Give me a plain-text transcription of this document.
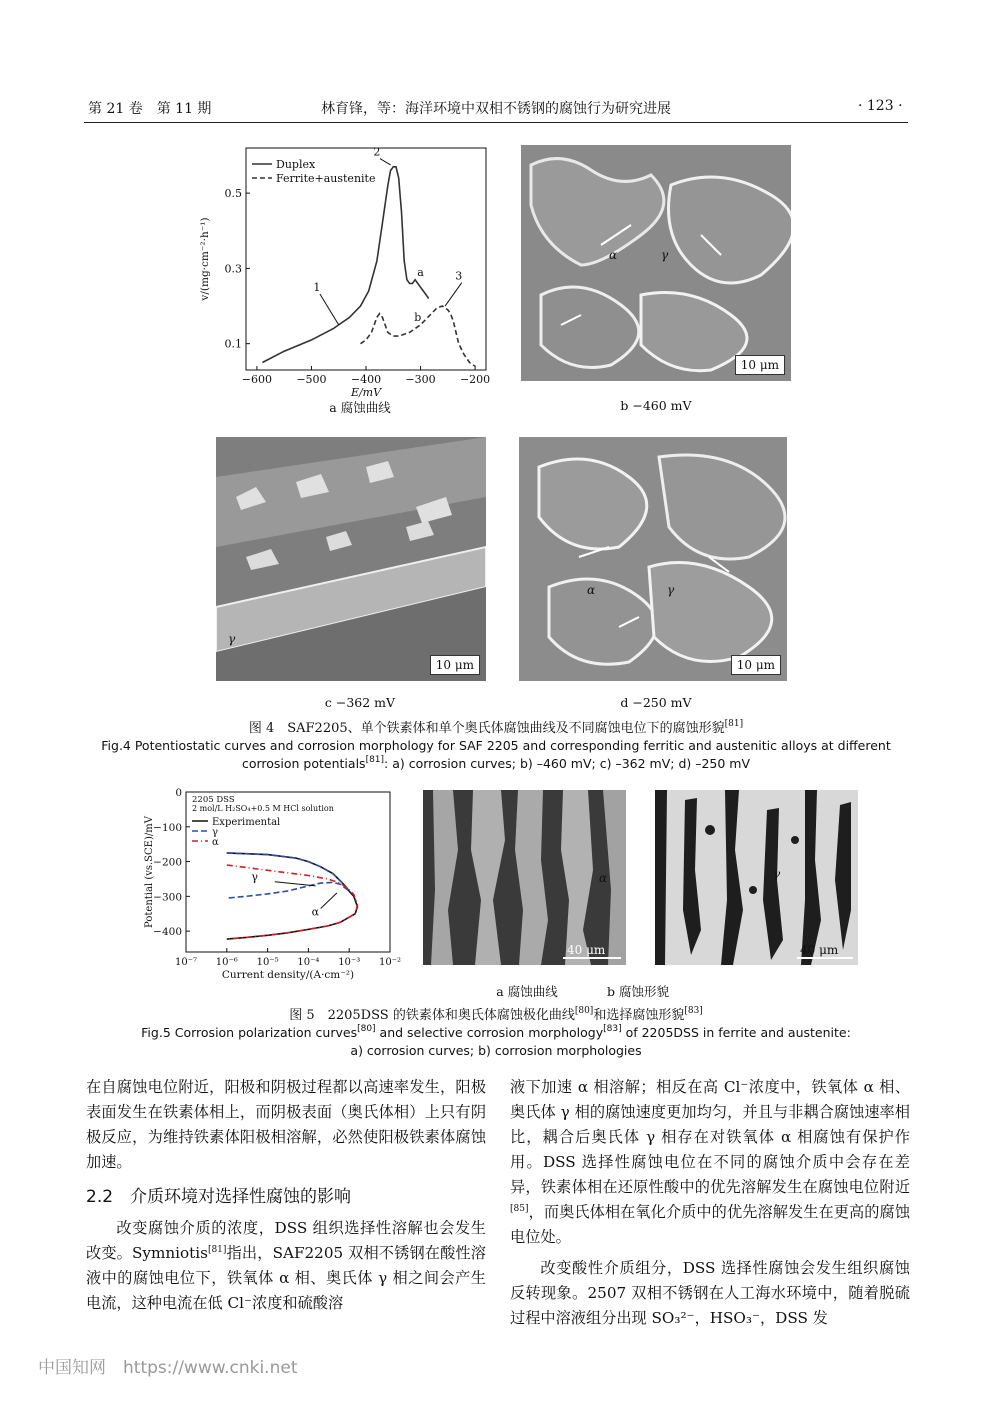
第 21 卷　第 11 期	林育锋，等：海洋环境中双相不锈钢的腐蚀行为研究进展	· 123 ·
−600 −500 −400 −300 −200
0.1
0.3
0.5
E/mV
v/(mg·cm⁻²·h⁻¹)
Duplex
Ferrite+austenite
1
2
3
a
b
a 腐蚀曲线
α	γ
10 μm
b −460 mV
γ
10 μm
c −362 mV
α	γ
10 μm
d −250 mV
图 4　SAF2205、单个铁素体和单个奥氏体腐蚀曲线及不同腐蚀电位下的腐蚀形貌[81]
Fig.4 Potentiostatic curves and corrosion morphology for SAF 2205 and corresponding ferritic and austenitic alloys at different
corrosion potentials[81]: a) corrosion curves; b) –460 mV; c) –362 mV; d) –250 mV
10⁻⁷ 10⁻⁶ 10⁻⁵ 10⁻⁴ 10⁻³ 10⁻²
0
−100
−200
−300
−400
Current density/(A·cm⁻²)
Potential (vs.SCE)/mV
2205 DSS
2 mol/L H₂SO₄+0.5 M HCl solution
Experimental
γ
α
γ
α
a 腐蚀曲线
α
40 μm
γ
40 μm
b 腐蚀形貌
图 5　2205DSS 的铁素体和奥氏体腐蚀极化曲线[80]和选择腐蚀形貌[83]
Fig.5 Corrosion polarization curves[80] and selective corrosion morphology[83] of 2205DSS in ferrite and austenite:
a) corrosion curves; b) corrosion morphologies

在自腐蚀电位附近，阳极和阴极过程都以高速率发生，阳极表面发生在铁素体相上，而阴极表面（奥氏体相）上只有阴极反应，为维持铁素体阳极相溶解，必然使阳极铁素体腐蚀加速。

2.2　 介质环境对选择性腐蚀的影响

改变腐蚀介质的浓度，DSS 组织选择性溶解也会发生改变。Symniotis[81]指出，SAF2205 双相不锈钢在酸性溶液中的腐蚀电位下，铁氧体 α 相、奥氏体 γ 相之间会产生电流，这种电流在低 Cl⁻浓度和硫酸溶

液下加速 α 相溶解；相反在高 Cl⁻浓度中，铁氧体 α 相、奥氏体 γ 相的腐蚀速度更加均匀，并且与非耦合腐蚀速率相比，耦合后奥氏体 γ 相存在对铁氧体 α 相腐蚀有保护作用。DSS 选择性腐蚀电位在不同的腐蚀介质中会存在差异，铁素体相在还原性酸中的优先溶解发生在腐蚀电位附近[85]，而奥氏体相在氧化介质中的优先溶解发生在更高的腐蚀电位处。

改变酸性介质组分，DSS 选择性腐蚀会发生组织腐蚀反转现象。2507 双相不锈钢在人工海水环境中，随着脱硫过程中溶液组分出现 SO₃²⁻，HSO₃⁻，DSS 发

中国知网　https://www.cnki.net
